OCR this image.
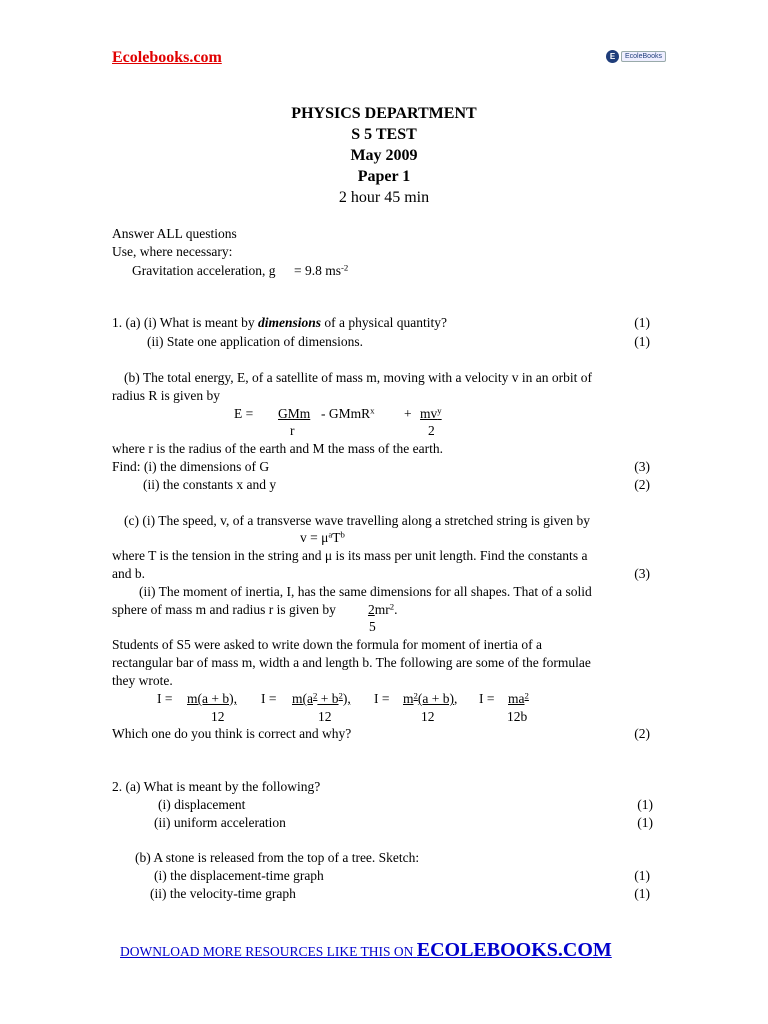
Ecolebooks.com	E	EcoleBooks
PHYSICS DEPARTMENT
S 5 TEST
May 2009
Paper 1
2 hour 45 min
Answer ALL questions
Use, where necessary:
Gravitation acceleration, g = 9.8 $ms^{-2}$
1. (a) (i) What is meant by dimensions of a physical quantity?	(1)
(ii) State one application of dimensions.	(1)
(b) The total energy, E, of a satellite of mass m, moving with a velocity v in an orbit of
radius R is given by
E = GMm - GMmR$^x$ + $mv^y$
r	2
where r is the radius of the earth and M the mass of the earth.
Find: (i) the dimensions of G	(3)
(ii) the constants x and y	(2)
(c) (i) The speed, v, of a transverse wave travelling along a stretched string is given by
$v = \mu^aT^b$
where T is the tension in the string and μ is its mass per unit length. Find the constants a
and b.	(3)
(ii) The moment of inertia, I, has the same dimensions for all shapes. That of a solid
sphere of mass m and radius r is given by $2mr^2$.
5
Students of S5 were asked to write down the formula for moment of inertia of a
rectangular bar of mass m, width a and length b. The following are some of the formulae
they wrote.
I = m(a + b), $I = m(a^2 + b^2)$, $I = m^2(a + b)$, $I = ma^2$
12	12	12	12b
Which one do you think is correct and why?	(2)
2. (a) What is meant by the following?
(i) displacement	(1)
(ii) uniform acceleration	(1)
(b) A stone is released from the top of a tree. Sketch:
(i) the displacement-time graph	(1)
(ii) the velocity-time graph	(1)
DOWNLOAD MORE RESOURCES LIKE THIS ON ECOLEBOOKS.COM
